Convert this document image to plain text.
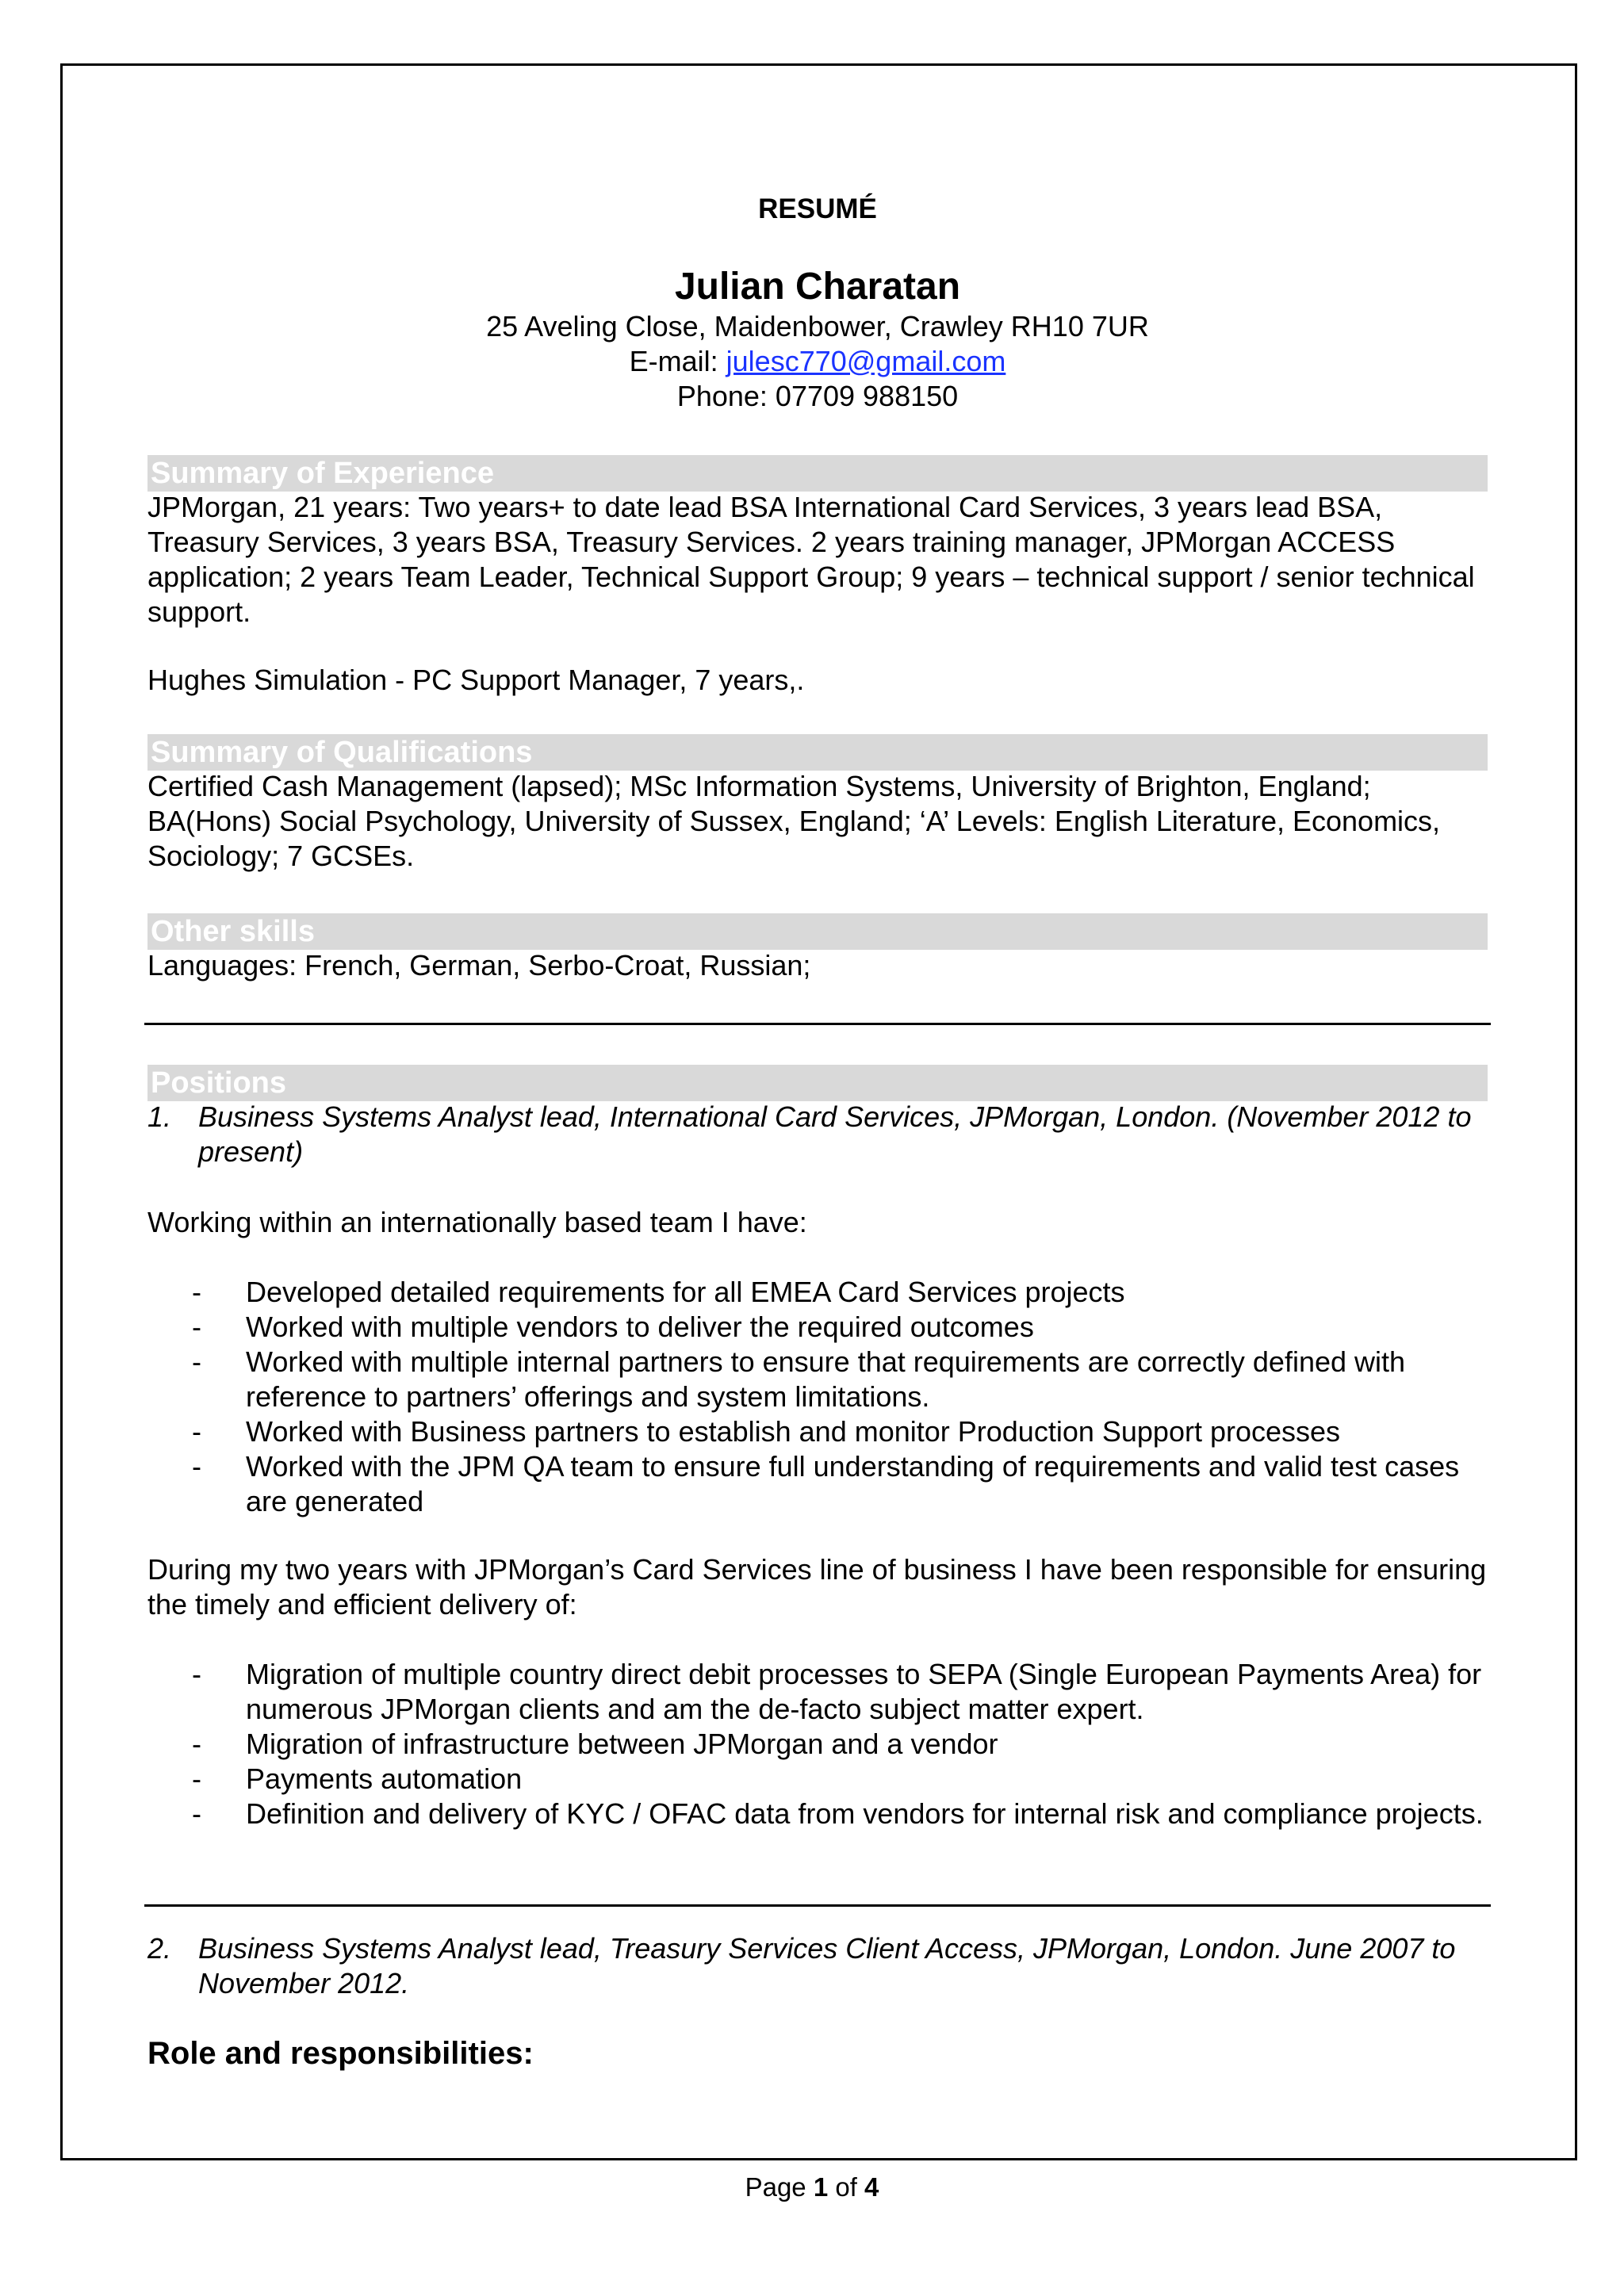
RESUMÉ
Julian Charatan
25 Aveling Close, Maidenbower, Crawley RH10 7UR
E-mail: julesc770@gmail.com
Phone: 07709 988150
Summary of Experience
JPMorgan, 21 years: Two years+ to date lead BSA International Card Services, 3 years lead BSA, Treasury Services, 3 years BSA, Treasury Services. 2 years training manager, JPMorgan ACCESS application; 2 years Team Leader, Technical Support Group; 9 years – technical support / senior technical support.
Hughes Simulation - PC Support Manager, 7 years,.
Summary of Qualifications
Certified Cash Management (lapsed); MSc Information Systems, University of Brighton, England; BA(Hons) Social Psychology, University of Sussex, England; ‘A’ Levels: English Literature, Economics, Sociology; 7 GCSEs.
Other skills
Languages: French, German, Serbo-Croat, Russian;
Positions
1. Business Systems Analyst lead, International Card Services, JPMorgan, London. (November 2012 to present)
Working within an internationally based team I have:
- Developed detailed requirements for all EMEA Card Services projects
- Worked with multiple vendors to deliver the required outcomes
- Worked with multiple internal partners to ensure that requirements are correctly defined with reference to partners’ offerings and system limitations.
- Worked with Business partners to establish and monitor Production Support processes
- Worked with the JPM QA team to ensure full understanding of requirements and valid test cases are generated
During my two years with JPMorgan’s Card Services line of business I have been responsible for ensuring the timely and efficient delivery of:
- Migration of multiple country direct debit processes to SEPA (Single European Payments Area) for numerous JPMorgan clients and am the de-facto subject matter expert.
- Migration of infrastructure between JPMorgan and a vendor
- Payments automation
- Definition and delivery of KYC / OFAC data from vendors for internal risk and compliance projects.
2. Business Systems Analyst lead, Treasury Services Client Access, JPMorgan, London. June 2007 to November 2012.
Role and responsibilities:
Page 1 of 4
